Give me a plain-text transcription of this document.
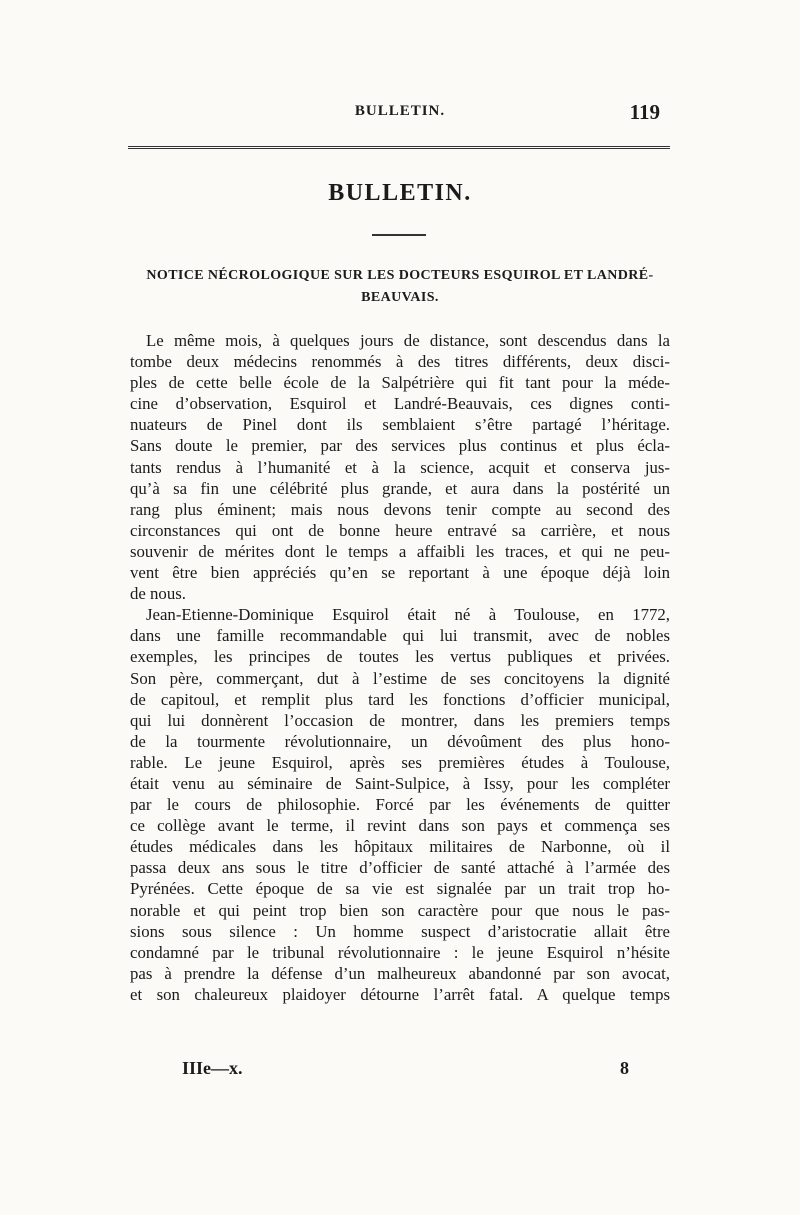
BULLETIN.	119
BULLETIN.
NOTICE NÉCROLOGIQUE SUR LES DOCTEURS ESQUIROL ET LANDRÉ-
BEAUVAIS.
Le même mois, à quelques jours de distance, sont descendus dans la
tombe deux médecins renommés à des titres différents, deux disci-
ples de cette belle école de la Salpétrière qui fit tant pour la méde-
cine d’observation, Esquirol et Landré-Beauvais, ces dignes conti-
nuateurs de Pinel dont ils semblaient s’être partagé l’héritage.
Sans doute le premier, par des services plus continus et plus écla-
tants rendus à l’humanité et à la science, acquit et conserva jus-
qu’à sa fin une célébrité plus grande, et aura dans la postérité un
rang plus éminent; mais nous devons tenir compte au second des
circonstances qui ont de bonne heure entravé sa carrière, et nous
souvenir de mérites dont le temps a affaibli les traces, et qui ne peu-
vent être bien appréciés qu’en se reportant à une époque déjà loin
de nous.
Jean-Etienne-Dominique Esquirol était né à Toulouse, en 1772,
dans une famille recommandable qui lui transmit, avec de nobles
exemples, les principes de toutes les vertus publiques et privées.
Son père, commerçant, dut à l’estime de ses concitoyens la dignité
de capitoul, et remplit plus tard les fonctions d’officier municipal,
qui lui donnèrent l’occasion de montrer, dans les premiers temps
de la tourmente révolutionnaire, un dévoûment des plus hono-
rable. Le jeune Esquirol, après ses premières études à Toulouse,
était venu au séminaire de Saint-Sulpice, à Issy, pour les compléter
par le cours de philosophie. Forcé par les événements de quitter
ce collège avant le terme, il revint dans son pays et commença ses
études médicales dans les hôpitaux militaires de Narbonne, où il
passa deux ans sous le titre d’officier de santé attaché à l’armée des
Pyrénées. Cette époque de sa vie est signalée par un trait trop ho-
norable et qui peint trop bien son caractère pour que nous le pas-
sions sous silence : Un homme suspect d’aristocratie allait être
condamné par le tribunal révolutionnaire : le jeune Esquirol n’hésite
pas à prendre la défense d’un malheureux abandonné par son avocat,
et son chaleureux plaidoyer détourne l’arrêt fatal. A quelque temps
IIIe—x.	8
